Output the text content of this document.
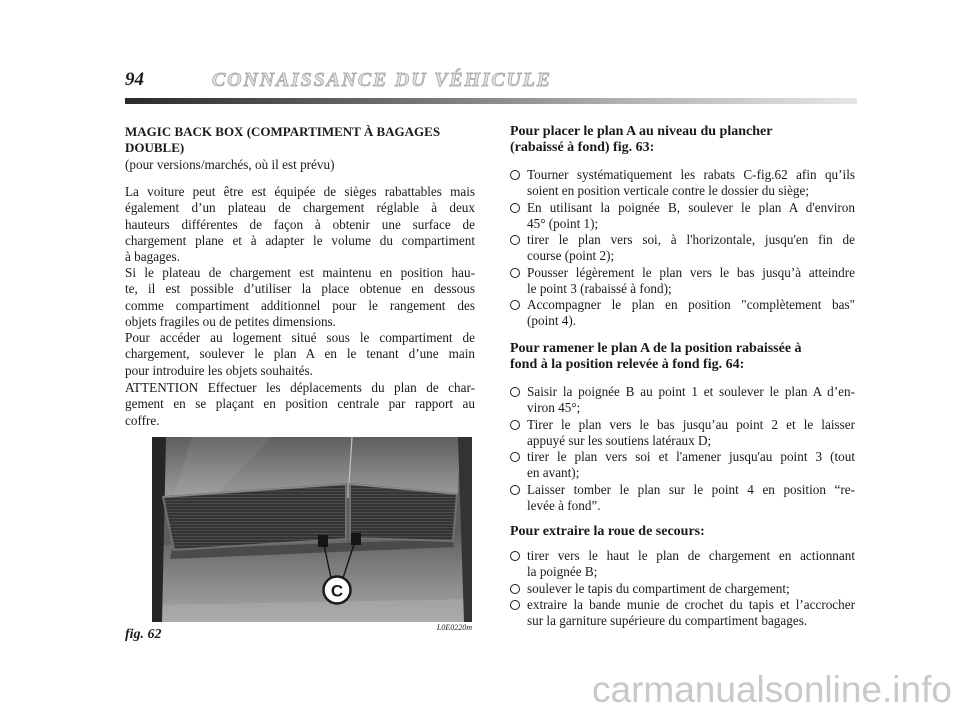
94	CONNAISSANCE DU VÉHICULE
MAGIC BACK BOX (COMPARTIMENT À BAGAGES
DOUBLE)
(pour versions/marchés, où il est prévu)
La voiture peut être est équipée de sièges rabattables mais
également d’un plateau de chargement réglable à deux
hauteurs différentes de façon à obtenir une surface de
chargement plane et à adapter le volume du compartiment
à bagages.
Si le plateau de chargement est maintenu en position hau-
te, il est possible d’utiliser la place obtenue en dessous
comme compartiment additionnel pour le rangement des
objets fragiles ou de petites dimensions.
Pour accéder au logement situé sous le compartiment de
chargement, soulever le plan A en le tenant d’une main
pour introduire les objets souhaités.
ATTENTION Effectuer les déplacements du plan de char-
gement en se plaçant en position centrale par rapport au
coffre.
C
fig. 62	L0E0220m
Pour placer le plan A au niveau du plancher
(rabaissé à fond) fig. 63:
Tourner systématiquement les rabats C-fig.62 afin qu’ils
soient en position verticale contre le dossier du siège;
En utilisant la poignée B, soulever le plan A d'environ
45° (point 1);
tirer le plan vers soi, à l'horizontale, jusqu'en fin de
course (point 2);
Pousser légèrement le plan vers le bas jusqu’à atteindre
le point 3 (rabaissé à fond);
Accompagner le plan en position "complètement bas"
(point 4).
Pour ramener le plan A de la position rabaissée à
fond à la position relevée à fond fig. 64:
Saisir la poignée B au point 1 et soulever le plan A d’en-
viron 45°;
Tirer le plan vers le bas jusqu’au point 2 et le laisser
appuyé sur les soutiens latéraux D;
tirer le plan vers soi et l'amener jusqu'au point 3 (tout
en avant);
Laisser tomber le plan sur le point 4 en position “re-
levée à fond”.
Pour extraire la roue de secours:
tirer vers le haut le plan de chargement en actionnant
la poignée B;
soulever le tapis du compartiment de chargement;
extraire la bande munie de crochet du tapis et l’accrocher
sur la garniture supérieure du compartiment bagages.
carmanualsonline.info
